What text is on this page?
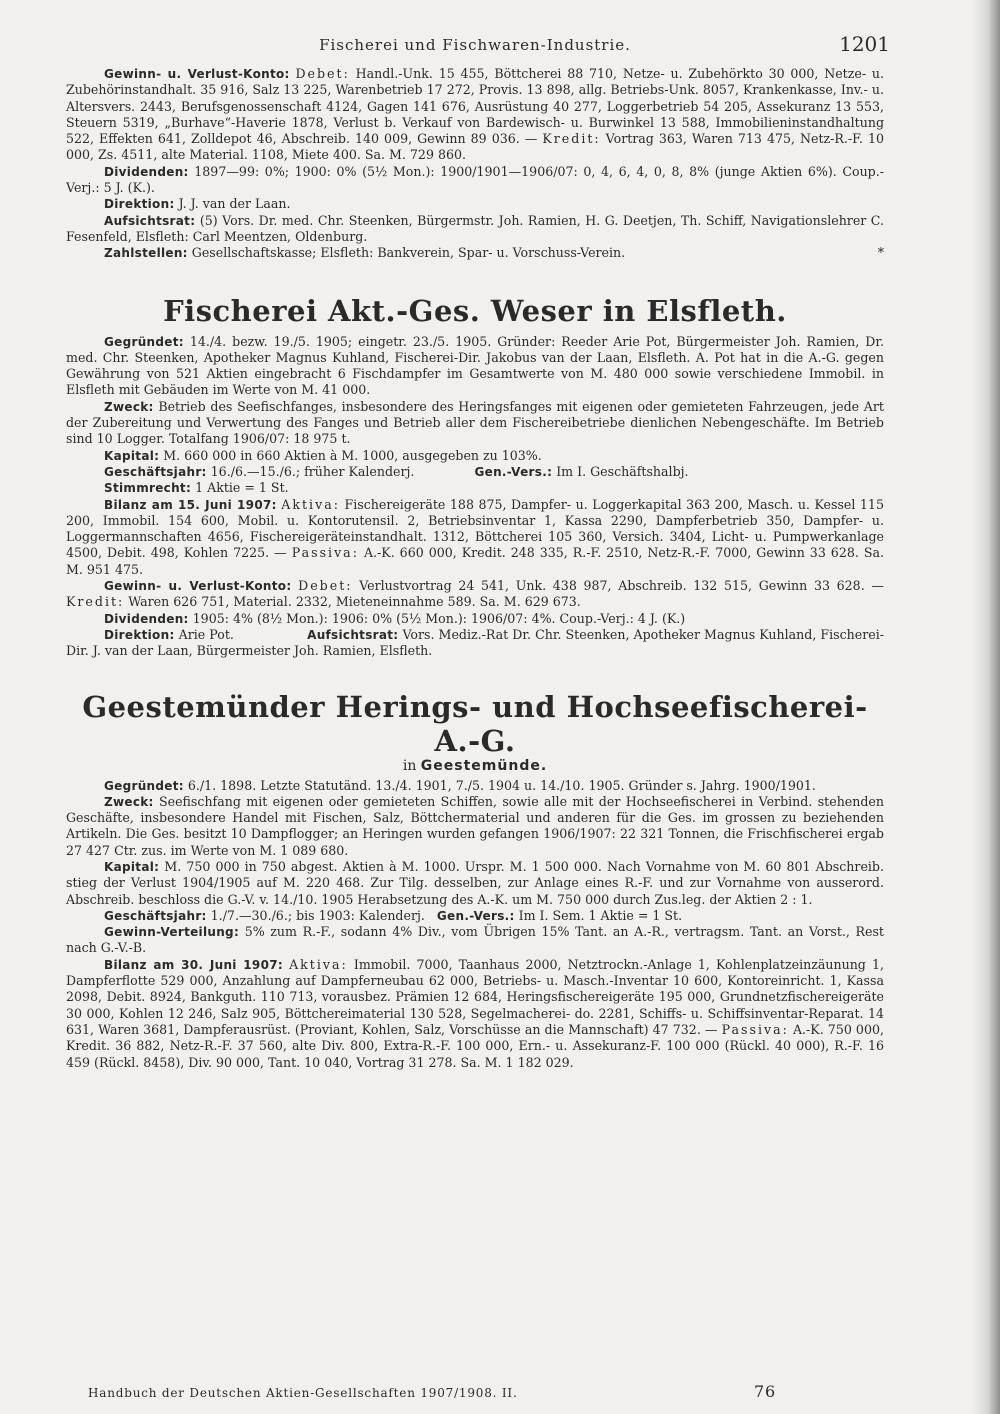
Fischerei und Fischwaren-Industrie.	1201

Gewinn- u. Verlust-Konto: Debet: Handl.-Unk. 15 455, Böttcherei 88 710, Netze- u. Zubehörkto 30 000, Netze- u. Zubehörinstandhalt. 35 916, Salz 13 225, Warenbetrieb 17 272, Provis. 13 898, allg. Betriebs-Unk. 8057, Krankenkasse, Inv.- u. Altersvers. 2443, Berufsgenossenschaft 4124, Gagen 141 676, Ausrüstung 40 277, Loggerbetrieb 54 205, Assekuranz 13 553, Steuern 5319, „Burhave“-Haverie 1878, Verlust b. Verkauf von Bardewisch- u. Burwinkel 13 588, Immobilieninstandhaltung 522, Effekten 641, Zolldepot 46, Abschreib. 140 009, Gewinn 89 036. — Kredit: Vortrag 363, Waren 713 475, Netz-R.-F. 10 000, Zs. 4511, alte Material. 1108, Miete 400. Sa. M. 729 860.

Dividenden: 1897—99: 0%; 1900: 0% (5½ Mon.): 1900/1901—1906/07: 0, 4, 6, 4, 0, 8, 8% (junge Aktien 6%). Coup.-Verj.: 5 J. (K.).

Direktion: J. J. van der Laan.

Aufsichtsrat: (5) Vors. Dr. med. Chr. Steenken, Bürgermstr. Joh. Ramien, H. G. Deetjen, Th. Schiff, Navigationslehrer C. Fesenfeld, Elsfleth: Carl Meentzen, Oldenburg.

Zahlstellen: Gesellschaftskasse; Elsfleth: Bankverein, Spar- u. Vorschuss-Verein.	*

Fischerei Akt.-Ges. Weser in Elsfleth.

Gegründet: 14./4. bezw. 19./5. 1905; eingetr. 23./5. 1905. Gründer: Reeder Arie Pot, Bürgermeister Joh. Ramien, Dr. med. Chr. Steenken, Apotheker Magnus Kuhland, Fischerei-Dir. Jakobus van der Laan, Elsfleth. A. Pot hat in die A.-G. gegen Gewährung von 521 Aktien eingebracht 6 Fischdampfer im Gesamtwerte von M. 480 000 sowie verschiedene Immobil. in Elsfleth mit Gebäuden im Werte von M. 41 000.

Zweck: Betrieb des Seefischfanges, insbesondere des Heringsfanges mit eigenen oder gemieteten Fahrzeugen, jede Art der Zubereitung und Verwertung des Fanges und Betrieb aller dem Fischereibetriebe dienlichen Nebengeschäfte. Im Betrieb sind 10 Logger. Totalfang 1906/07: 18 975 t.

Kapital: M. 660 000 in 660 Aktien à M. 1000, ausgegeben zu 103%.

Geschäftsjahr: 16./6.—15./6.; früher Kalenderj.	Gen.-Vers.: Im I. Geschäftshalbj.

Stimmrecht: 1 Aktie = 1 St.

Bilanz am 15. Juni 1907: Aktiva: Fischereigeräte 188 875, Dampfer- u. Loggerkapital 363 200, Masch. u. Kessel 115 200, Immobil. 154 600, Mobil. u. Kontorutensil. 2, Betriebsinventar 1, Kassa 2290, Dampferbetrieb 350, Dampfer- u. Loggermannschaften 4656, Fischereigeräteinstandhalt. 1312, Böttcherei 105 360, Versich. 3404, Licht- u. Pumpwerkanlage 4500, Debit. 498, Kohlen 7225. — Passiva: A.-K. 660 000, Kredit. 248 335, R.-F. 2510, Netz-R.-F. 7000, Gewinn 33 628. Sa. M. 951 475.

Gewinn- u. Verlust-Konto: Debet: Verlustvortrag 24 541, Unk. 438 987, Abschreib. 132 515, Gewinn 33 628. — Kredit: Waren 626 751, Material. 2332, Mieteneinnahme 589. Sa. M. 629 673.

Dividenden: 1905: 4% (8½ Mon.): 1906: 0% (5½ Mon.): 1906/07: 4%. Coup.-Verj.: 4 J. (K.)

Direktion: Arie Pot.	Aufsichtsrat: Vors. Mediz.-Rat Dr. Chr. Steenken, Apotheker Magnus Kuhland, Fischerei-Dir. J. van der Laan, Bürgermeister Joh. Ramien, Elsfleth.

Geestemünder Herings- und Hochseefischerei-A.-G.
in Geestemünde.

Gegründet: 6./1. 1898. Letzte Statutänd. 13./4. 1901, 7./5. 1904 u. 14./10. 1905. Gründer s. Jahrg. 1900/1901.

Zweck: Seefischfang mit eigenen oder gemieteten Schiffen, sowie alle mit der Hochseefischerei in Verbind. stehenden Geschäfte, insbesondere Handel mit Fischen, Salz, Böttchermaterial und anderen für die Ges. im grossen zu beziehenden Artikeln. Die Ges. besitzt 10 Dampflogger; an Heringen wurden gefangen 1906/1907: 22 321 Tonnen, die Frischfischerei ergab 27 427 Ctr. zus. im Werte von M. 1 089 680.

Kapital: M. 750 000 in 750 abgest. Aktien à M. 1000. Urspr. M. 1 500 000. Nach Vornahme von M. 60 801 Abschreib. stieg der Verlust 1904/1905 auf M. 220 468. Zur Tilg. desselben, zur Anlage eines R.-F. und zur Vornahme von ausserord. Abschreib. beschloss die G.-V. v. 14./10. 1905 Herabsetzung des A.-K. um M. 750 000 durch Zus.leg. der Aktien 2 : 1.

Geschäftsjahr: 1./7.—30./6.; bis 1903: Kalenderj. Gen.-Vers.: Im I. Sem. 1 Aktie = 1 St.

Gewinn-Verteilung: 5% zum R.-F., sodann 4% Div., vom Übrigen 15% Tant. an A.-R., vertragsm. Tant. an Vorst., Rest nach G.-V.-B.

Bilanz am 30. Juni 1907: Aktiva: Immobil. 7000, Taanhaus 2000, Netztrockn.-Anlage 1, Kohlenplatzeinzäunung 1, Dampferflotte 529 000, Anzahlung auf Dampferneubau 62 000, Betriebs- u. Masch.-Inventar 10 600, Kontoreinricht. 1, Kassa 2098, Debit. 8924, Bankguth. 110 713, vorausbez. Prämien 12 684, Heringsfischereigeräte 195 000, Grundnetzfischereigeräte 30 000, Kohlen 12 246, Salz 905, Böttchereimaterial 130 528, Segelmacherei- do. 2281, Schiffs- u. Schiffsinventar-Reparat. 14 631, Waren 3681, Dampferausrüst. (Proviant, Kohlen, Salz, Vorschüsse an die Mannschaft) 47 732. — Passiva: A.-K. 750 000, Kredit. 36 882, Netz-R.-F. 37 560, alte Div. 800, Extra-R.-F. 100 000, Ern.- u. Assekuranz-F. 100 000 (Rückl. 40 000), R.-F. 16 459 (Rückl. 8458), Div. 90 000, Tant. 10 040, Vortrag 31 278. Sa. M. 1 182 029.

Handbuch der Deutschen Aktien-Gesellschaften 1907/1908. II.	76
